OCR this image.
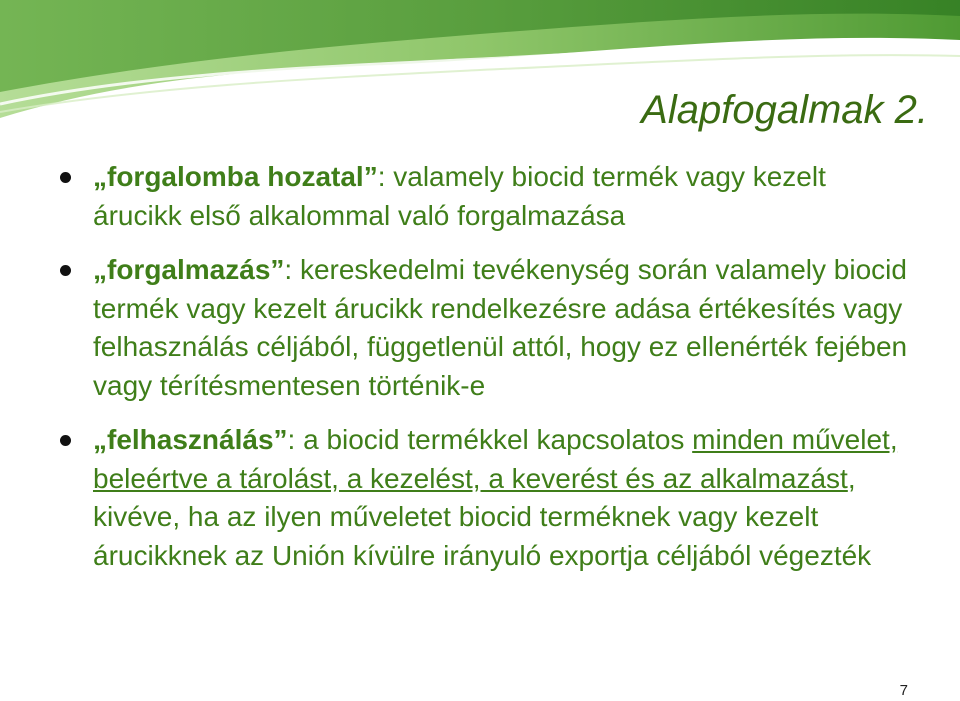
Alapfogalmak 2.
„forgalomba hozatal”: valamely biocid termék vagy kezelt árucikk első alkalommal való forgalmazása
„forgalmazás”: kereskedelmi tevékenység során valamely biocid termék vagy kezelt árucikk rendelkezésre adása értékesítés vagy felhasználás céljából, függetlenül attól, hogy ez ellenérték fejében vagy térítésmentesen történik-e
„felhasználás”: a biocid termékkel kapcsolatos minden művelet, beleértve a tárolást, a kezelést, a keverést és az alkalmazást, kivéve, ha az ilyen műveletet biocid terméknek vagy kezelt árucikknek az Unión kívülre irányuló exportja céljából végezték
7
